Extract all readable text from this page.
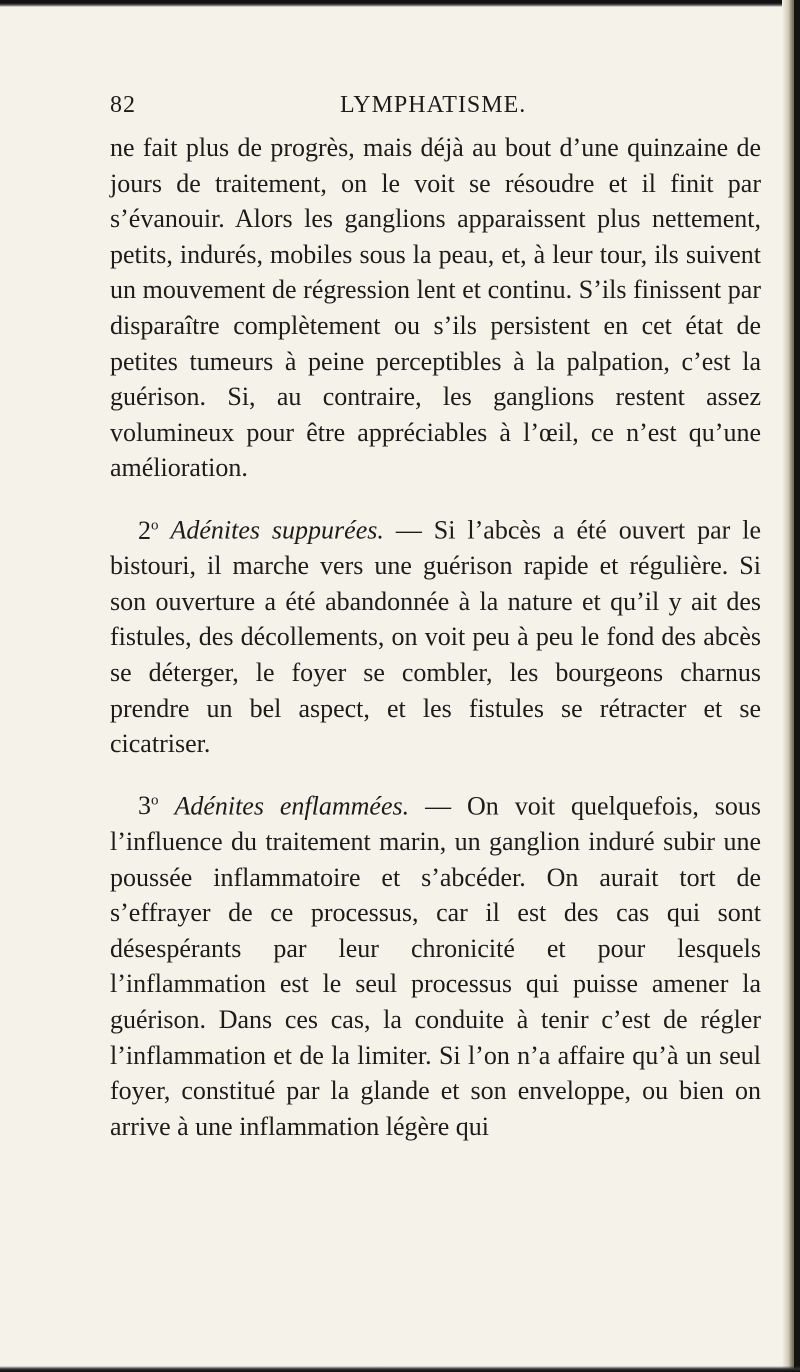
82	LYMPHATISME.

ne fait plus de progrès, mais déjà au bout d’une quinzaine de jours de traitement, on le voit se résoudre et il finit par s’évanouir. Alors les ganglions apparaissent plus nettement, petits, indurés, mobiles sous la peau, et, à leur tour, ils suivent un mouvement de régression lent et continu. S’ils finissent par disparaître complètement ou s’ils persistent en cet état de petites tumeurs à peine perceptibles à la palpation, c’est la guérison. Si, au contraire, les ganglions restent assez volumineux pour être appréciables à l’œil, ce n’est qu’une amélioration.

2$^o$ Adénites suppurées. — Si l’abcès a été ouvert par le bistouri, il marche vers une guérison rapide et régulière. Si son ouverture a été abandonnée à la nature et qu’il y ait des fistules, des décollements, on voit peu à peu le fond des abcès se déterger, le foyer se combler, les bourgeons charnus prendre un bel aspect, et les fistules se rétracter et se cicatriser.

3$^o$ Adénites enflammées. — On voit quelquefois, sous l’influence du traitement marin, un ganglion induré subir une poussée inflammatoire et s’abcéder. On aurait tort de s’effrayer de ce processus, car il est des cas qui sont désespérants par leur chronicité et pour lesquels l’inflammation est le seul processus qui puisse amener la guérison. Dans ces cas, la conduite à tenir c’est de régler l’inflammation et de la limiter. Si l’on n’a affaire qu’à un seul foyer, constitué par la glande et son enveloppe, ou bien on arrive à une inflammation légère qui
